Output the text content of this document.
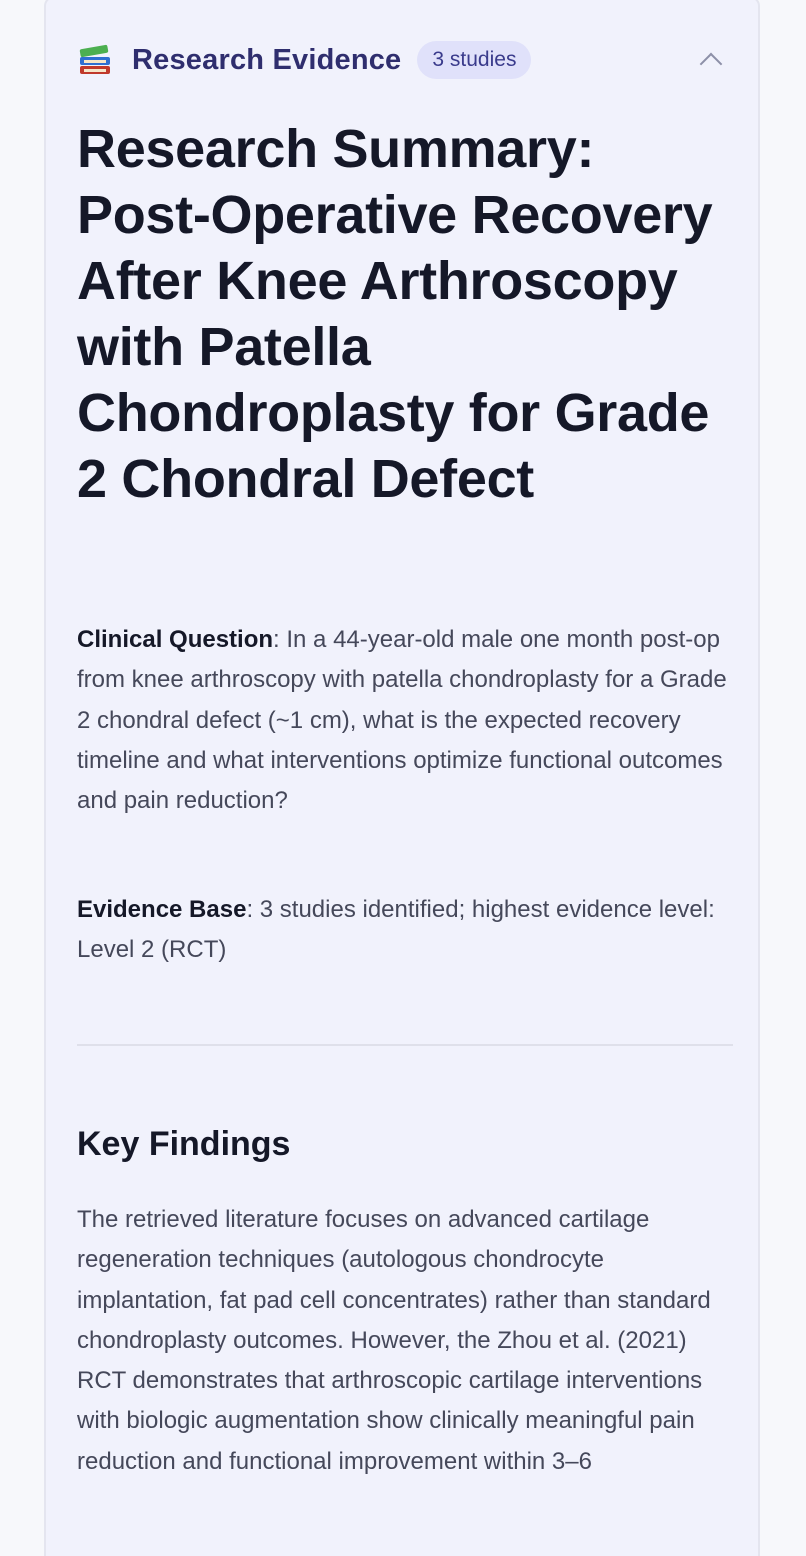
Research Evidence	3 studies
Research Summary: Post-Operative Recovery After Knee Arthroscopy with Patella Chondroplasty for Grade 2 Chondral Defect

Clinical Question: In a 44-year-old male one month post-op from knee arthroscopy with patella chondroplasty for a Grade 2 chondral defect (~1 cm), what is the expected recovery timeline and what interventions optimize functional outcomes and pain reduction?

Evidence Base: 3 studies identified; highest evidence level: Level 2 (RCT)

Key Findings

The retrieved literature focuses on advanced cartilage regeneration techniques (autologous chondrocyte implantation, fat pad cell concentrates) rather than standard chondroplasty outcomes. However, the Zhou et al. (2021) RCT demonstrates that arthroscopic cartilage interventions with biologic augmentation show clinically meaningful pain reduction and functional improvement within 3–6
